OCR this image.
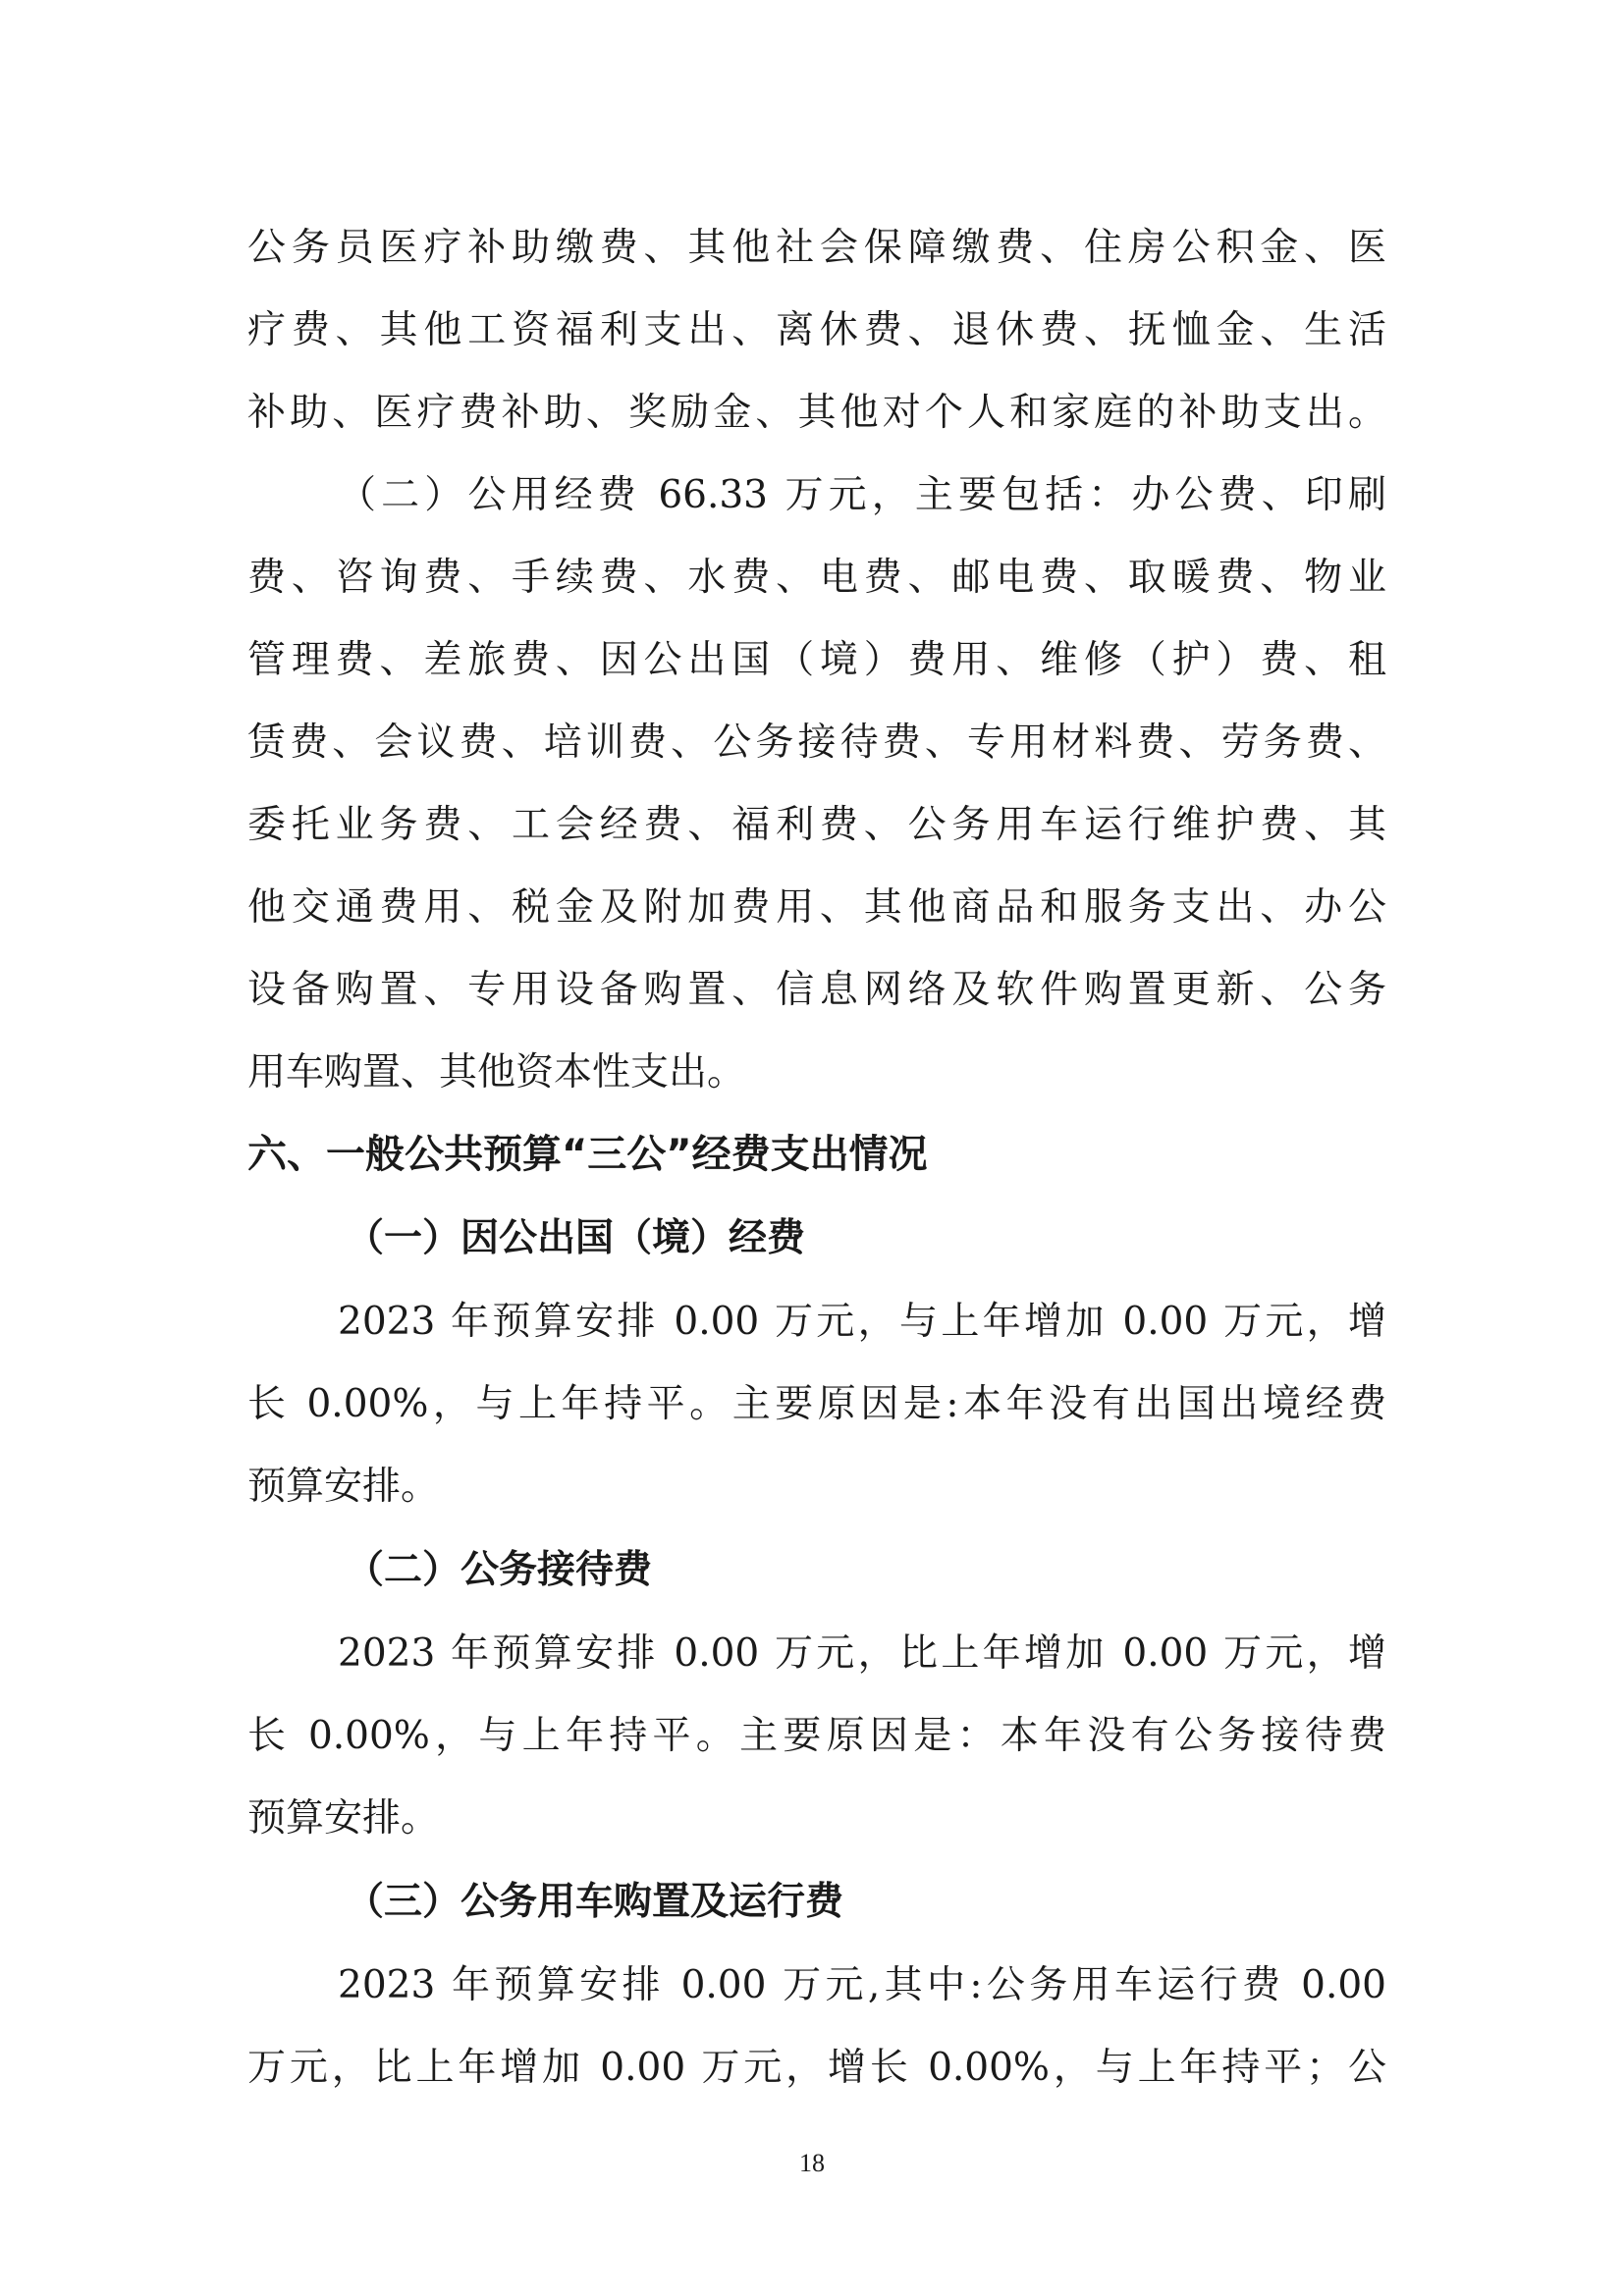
公务员医疗补助缴费、其他社会保障缴费、住房公积金、医
疗费、其他工资福利支出、离休费、退休费、抚恤金、生活
补助、医疗费补助、奖励金、其他对个人和家庭的补助支出。
（二）公用经费 66.33 万元，主要包括：办公费、印刷
费、咨询费、手续费、水费、电费、邮电费、取暖费、物业
管理费、差旅费、因公出国（境）费用、维修（护）费、租
赁费、会议费、培训费、公务接待费、专用材料费、劳务费、
委托业务费、工会经费、福利费、公务用车运行维护费、其
他交通费用、税金及附加费用、其他商品和服务支出、办公
设备购置、专用设备购置、信息网络及软件购置更新、公务
用车购置、其他资本性支出。
六、一般公共预算“三公”经费支出情况
（一）因公出国（境）经费
2023 年预算安排 0.00 万元，与上年增加 0.00 万元，增
长 0.00%，与上年持平。主要原因是:本年没有出国出境经费
预算安排。
（二）公务接待费
2023 年预算安排 0.00 万元，比上年增加 0.00 万元，增
长 0.00%，与上年持平。主要原因是：本年没有公务接待费
预算安排。
（三）公务用车购置及运行费
2023 年预算安排 0.00 万元,其中:公务用车运行费 0.00
万元，比上年增加 0.00 万元，增长 0.00%，与上年持平；公
18
